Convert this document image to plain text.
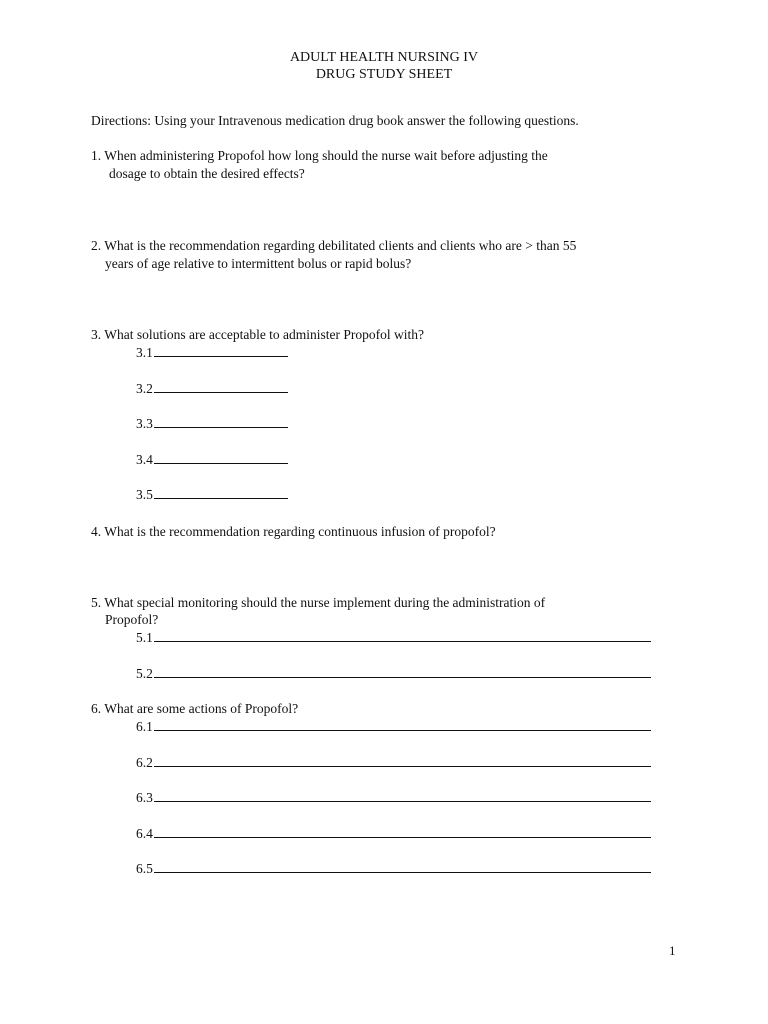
ADULT HEALTH NURSING IV
DRUG STUDY SHEET
Directions: Using your Intravenous medication drug book answer the following questions.
1. When administering Propofol how long should the nurse wait before adjusting the
dosage to obtain the desired effects?
2. What is the recommendation regarding debilitated clients and clients who are > than 55
years of age relative to intermittent bolus or rapid bolus?
3. What solutions are acceptable to administer Propofol with?
3.1
3.2
3.3
3.4
3.5
4. What is the recommendation regarding continuous infusion of propofol?
5. What special monitoring should the nurse implement during the administration of
Propofol?
5.1
5.2
6. What are some actions of Propofol?
6.1
6.2
6.3
6.4
6.5
1
